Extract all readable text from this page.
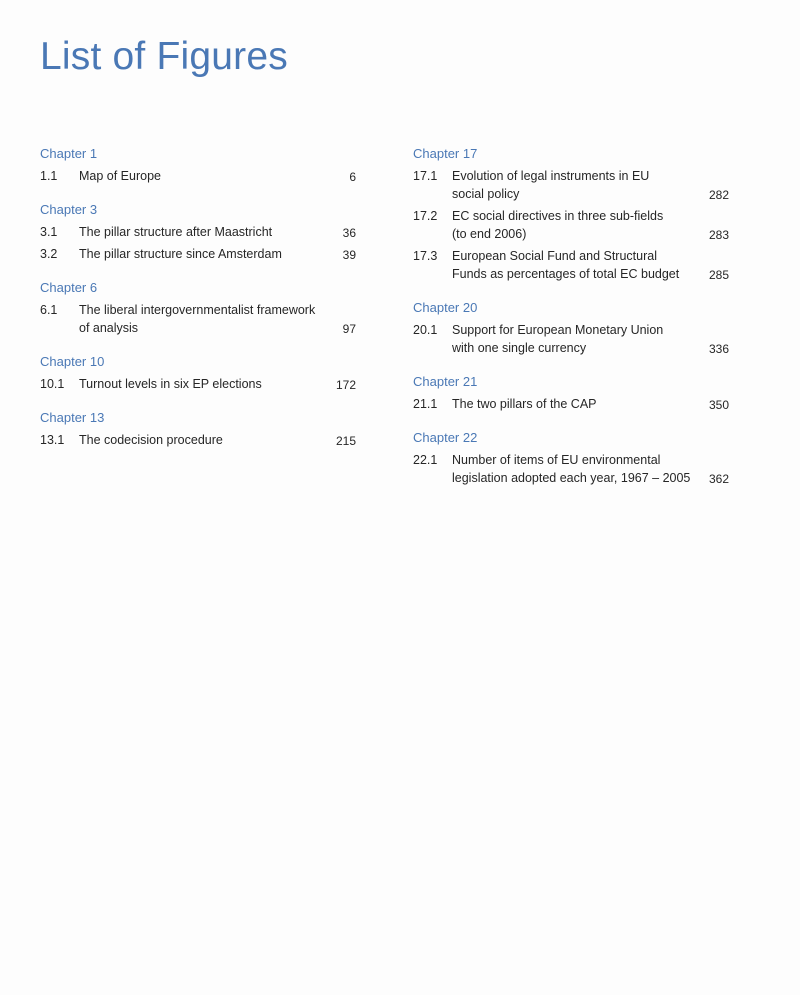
List of Figures
Chapter 1
1.1	Map of Europe	6
Chapter 3
3.1	The pillar structure after Maastricht	36
3.2	The pillar structure since Amsterdam	39
Chapter 6
6.1	The liberal intergovernmentalist framework
of analysis	97
Chapter 10
10.1	Turnout levels in six EP elections	172
Chapter 13
13.1	The codecision procedure	215
Chapter 17
17.1	Evolution of legal instruments in EU
social policy	282
17.2	EC social directives in three sub-fields
(to end 2006)	283
17.3	European Social Fund and Structural
Funds as percentages of total EC budget	285
Chapter 20
20.1	Support for European Monetary Union
with one single currency	336
Chapter 21
21.1	The two pillars of the CAP	350
Chapter 22
22.1	Number of items of EU environmental
legislation adopted each year, 1967 – 2005	362
